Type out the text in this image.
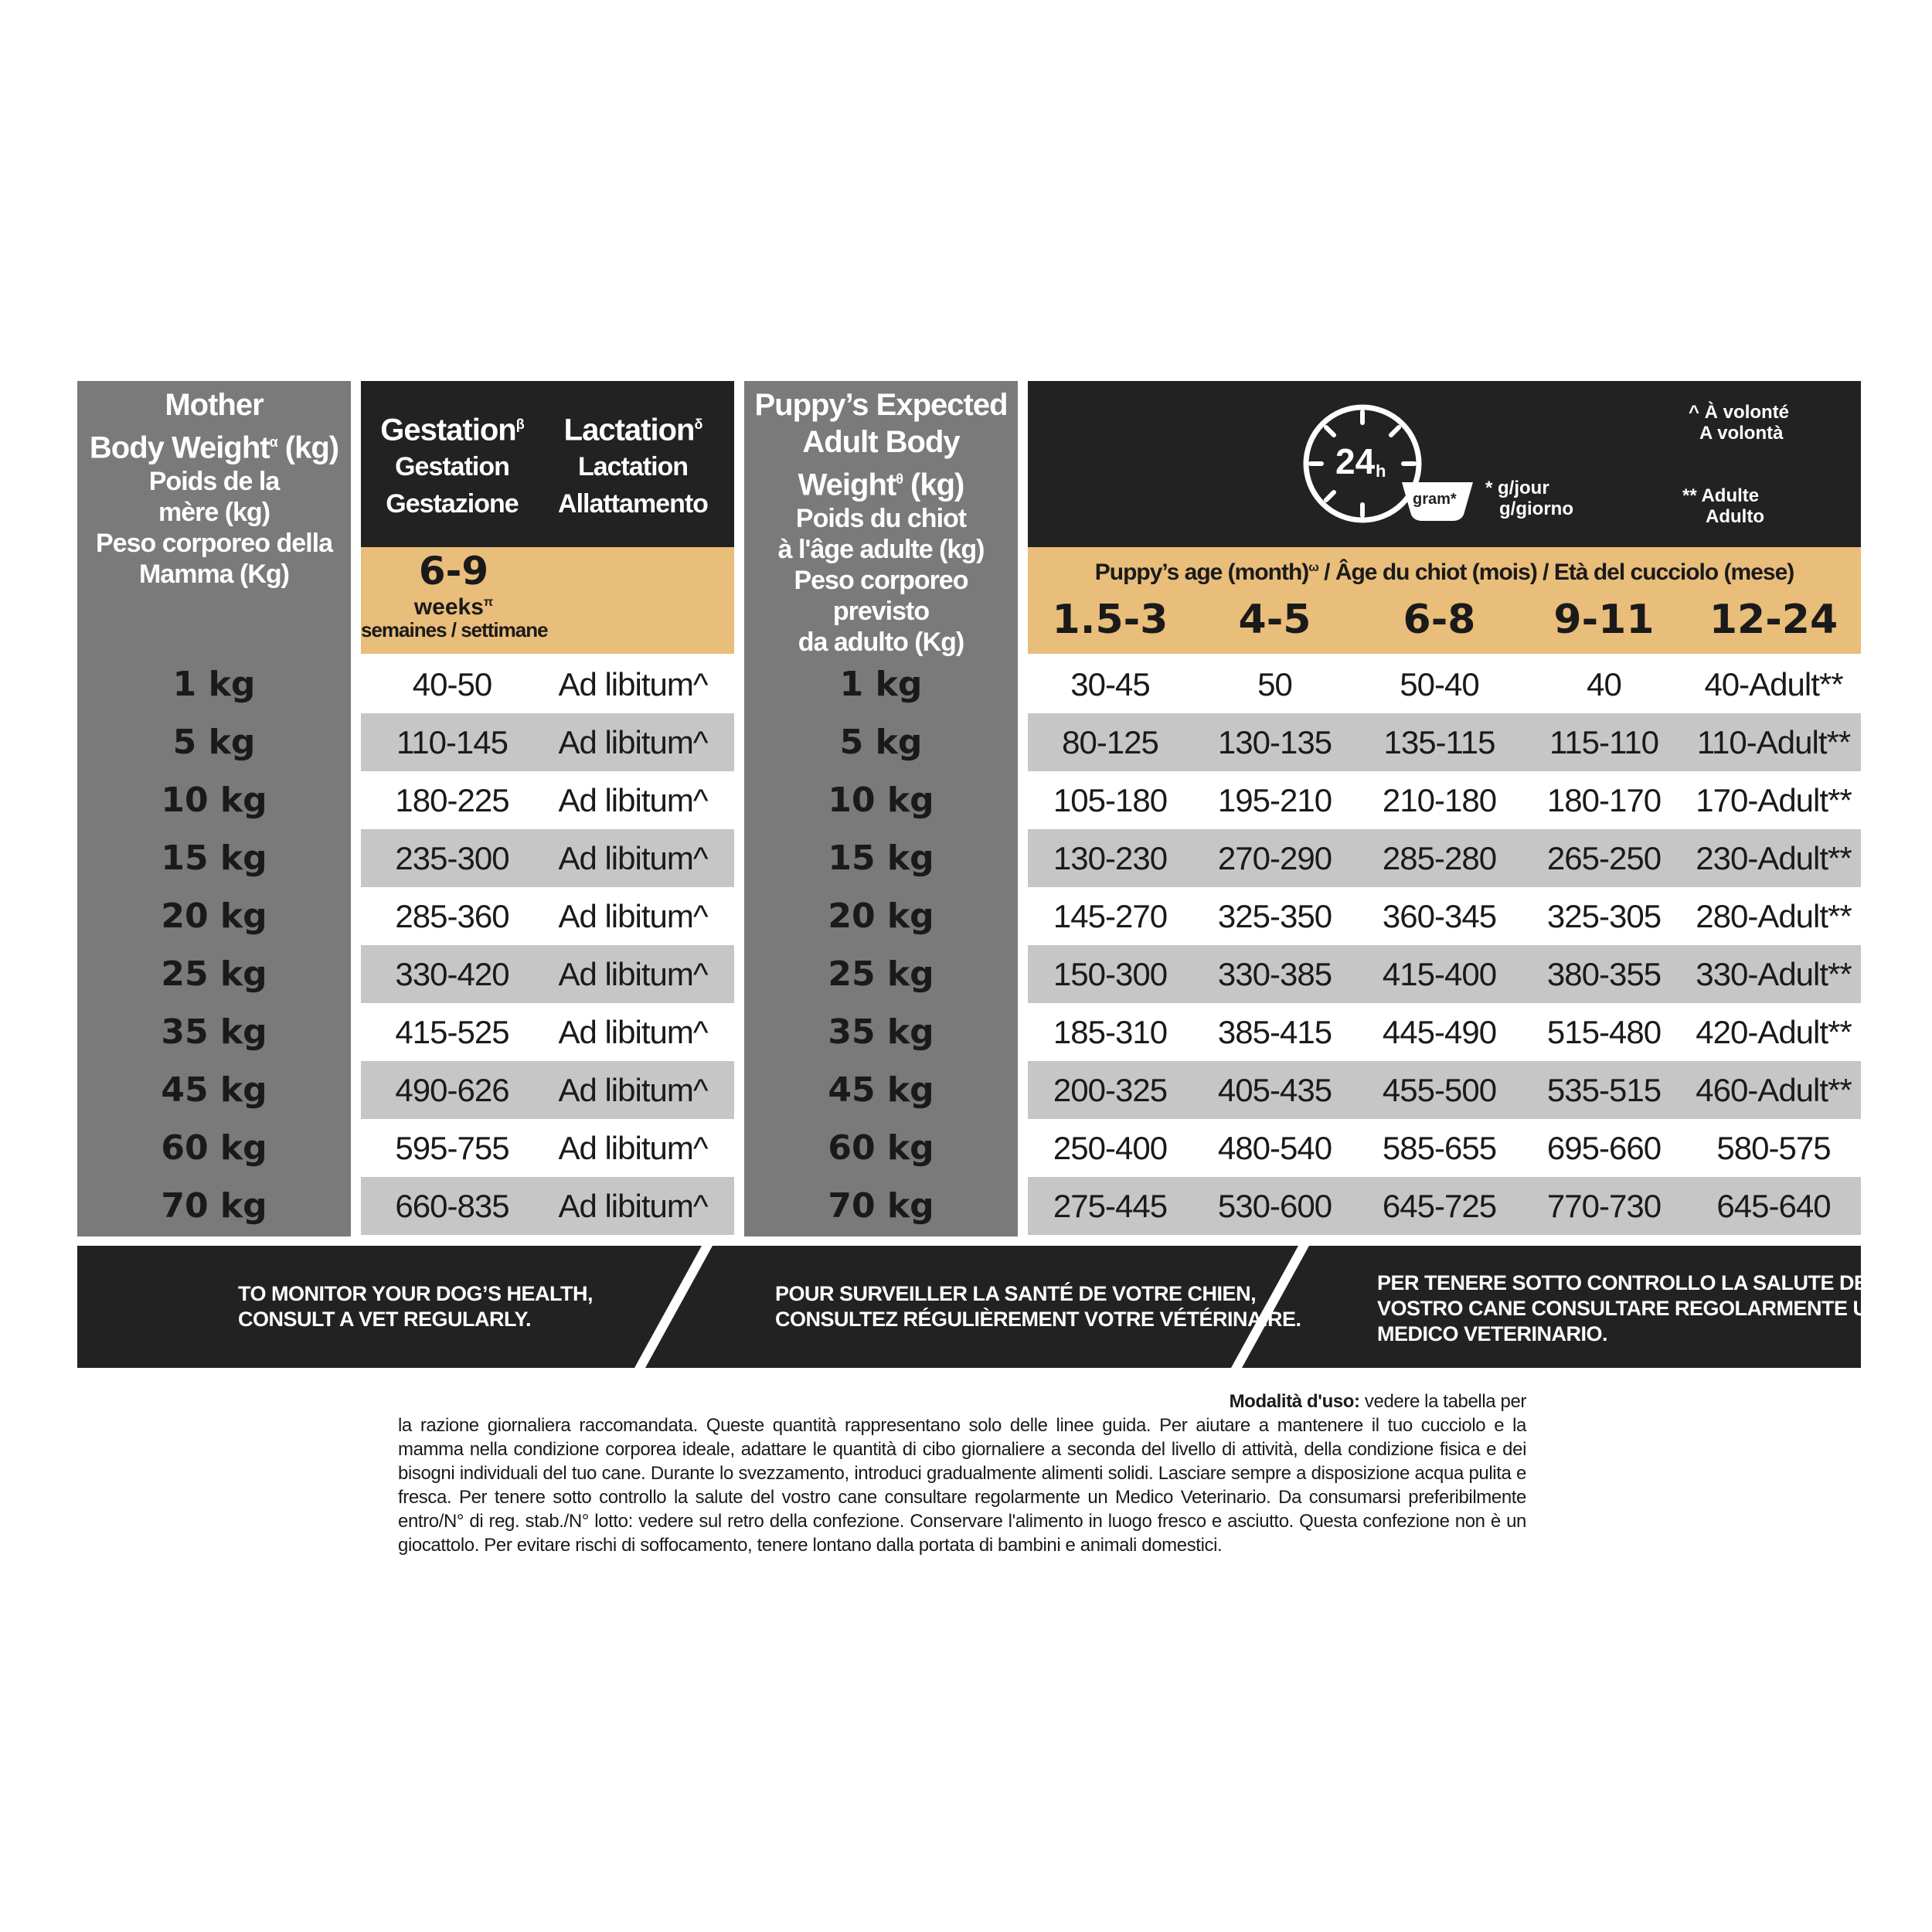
Mother
Body Weight$^\alpha$ (kg)
Poids de la
mère (kg)
Peso corporeo della
Mamma (Kg)
Gestation$^\beta$
Gestation
Gestazione
Lactation$^\delta$
Lactation
Allattamento
6-9
weeks$^\pi$
semaines / settimane
Puppy’s Expected
Adult Body
Weight$^\theta$ (kg)
Poids du chiot
à l'âge adulte (kg)
Peso corporeo previsto
da adulto (Kg)
24 h
gram*
* g/jour
g/giorno
^ À volonté
A volontà
** Adulte
Adulto
Puppy’s age (month)$^\omega$ / Âge du chiot (mois) / Età del cucciolo (mese)
1.5-3	4-5	6-8	9-11	12-24
1 kg	40-50	Ad libitum^	1 kg	30-45	50	50-40	40	40-Adult**
5 kg	110-145	Ad libitum^	5 kg	80-125	130-135	135-115	115-110	110-Adult**
10 kg	180-225	Ad libitum^	10 kg	105-180	195-210	210-180	180-170	170-Adult**
15 kg	235-300	Ad libitum^	15 kg	130-230	270-290	285-280	265-250	230-Adult**
20 kg	285-360	Ad libitum^	20 kg	145-270	325-350	360-345	325-305	280-Adult**
25 kg	330-420	Ad libitum^	25 kg	150-300	330-385	415-400	380-355	330-Adult**
35 kg	415-525	Ad libitum^	35 kg	185-310	385-415	445-490	515-480	420-Adult**
45 kg	490-626	Ad libitum^	45 kg	200-325	405-435	455-500	535-515	460-Adult**
60 kg	595-755	Ad libitum^	60 kg	250-400	480-540	585-655	695-660	580-575
70 kg	660-835	Ad libitum^	70 kg	275-445	530-600	645-725	770-730	645-640
TO MONITOR YOUR DOG’S HEALTH,
CONSULT A VET REGULARLY.
POUR SURVEILLER LA SANTÉ DE VOTRE CHIEN,
CONSULTEZ RÉGULIÈREMENT VOTRE VÉTÉRINAIRE.
PER TENERE SOTTO CONTROLLO LA SALUTE DEL
VOSTRO CANE CONSULTARE REGOLARMENTE UN
MEDICO VETERINARIO.
Modalità d'uso: vedere la tabella per
la razione giornaliera raccomandata. Queste quantità rappresentano solo delle linee guida. Per aiutare a mantenere il tuo cucciolo e la mamma nella condizione corporea ideale, adattare le quantità di cibo giornaliere a seconda del livello di attività, della condizione fisica e dei bisogni individuali del tuo cane. Durante lo svezzamento, introduci gradualmente alimenti solidi. Lasciare sempre a disposizione acqua pulita e fresca. Per tenere sotto controllo la salute del vostro cane consultare regolarmente un Medico Veterinario. Da consumarsi preferibilmente entro/N° di reg. stab./N° lotto: vedere sul retro della confezione. Conservare l'alimento in luogo fresco e asciutto. Questa confezione non è un giocattolo. Per evitare rischi di soffocamento, tenere lontano dalla portata di bambini e animali domestici.
